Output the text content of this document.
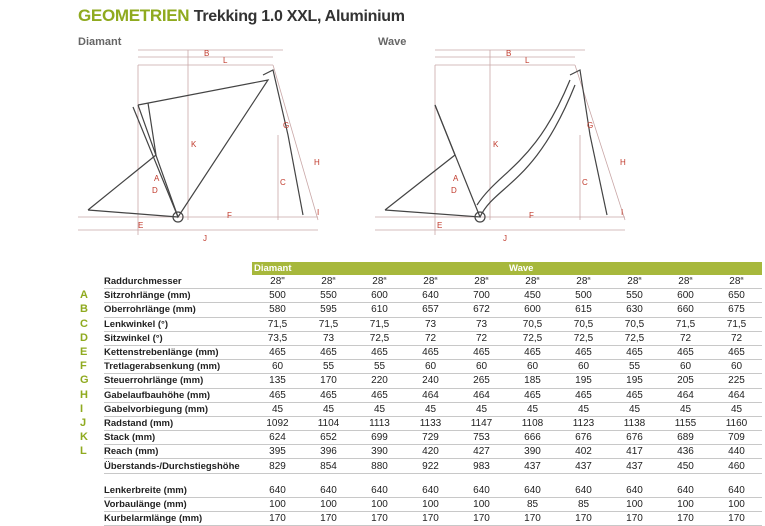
GEOMETRIEN Trekking 1.0 XXL, Aluminium
Diamant	Wave
B
L
K
G
H
C
A
D
F	I
E
J
B
L
K
G
H
C
A
D
F	I
E
J
		Diamant					Wave				
	Raddurchmesser	28"	28“	28“	28“	28“	28“	28“	28“	28“	28“
A	Sitzrohrlänge (mm)	500	550	600	640	700	450	500	550	600	650
B	Oberrohrlänge (mm)	580	595	610	657	672	600	615	630	660	675
C	Lenkwinkel (°)	71,5	71,5	71,5	73	73	70,5	70,5	70,5	71,5	71,5
D	Sitzwinkel (°)	73,5	73	72,5	72	72	72,5	72,5	72,5	72	72
E	Kettenstrebenlänge (mm)	465	465	465	465	465	465	465	465	465	465
F	Tretlagerabsenkung (mm)	60	55	55	60	60	60	60	55	60	60
G	Steuerrohrlänge (mm)	135	170	220	240	265	185	195	195	205	225
H	Gabelaufbauhöhe (mm)	465	465	465	464	464	465	465	465	464	464
I	Gabelvorbiegung (mm)	45	45	45	45	45	45	45	45	45	45
J	Radstand (mm)	1092	1104	1113	1133	1147	1108	1123	1138	1155	1160
K	Stack (mm)	624	652	699	729	753	666	676	676	689	709
L	Reach (mm)	395	396	390	420	427	390	402	417	436	440
	Überstands-/Durchstiegshöhe	829	854	880	922	983	437	437	437	450	460

	Lenkerbreite (mm)	640	640	640	640	640	640	640	640	640	640
	Vorbaulänge (mm)	100	100	100	100	100	85	85	100	100	100
	Kurbelarmlänge (mm)	170	170	170	170	170	170	170	170	170	170
